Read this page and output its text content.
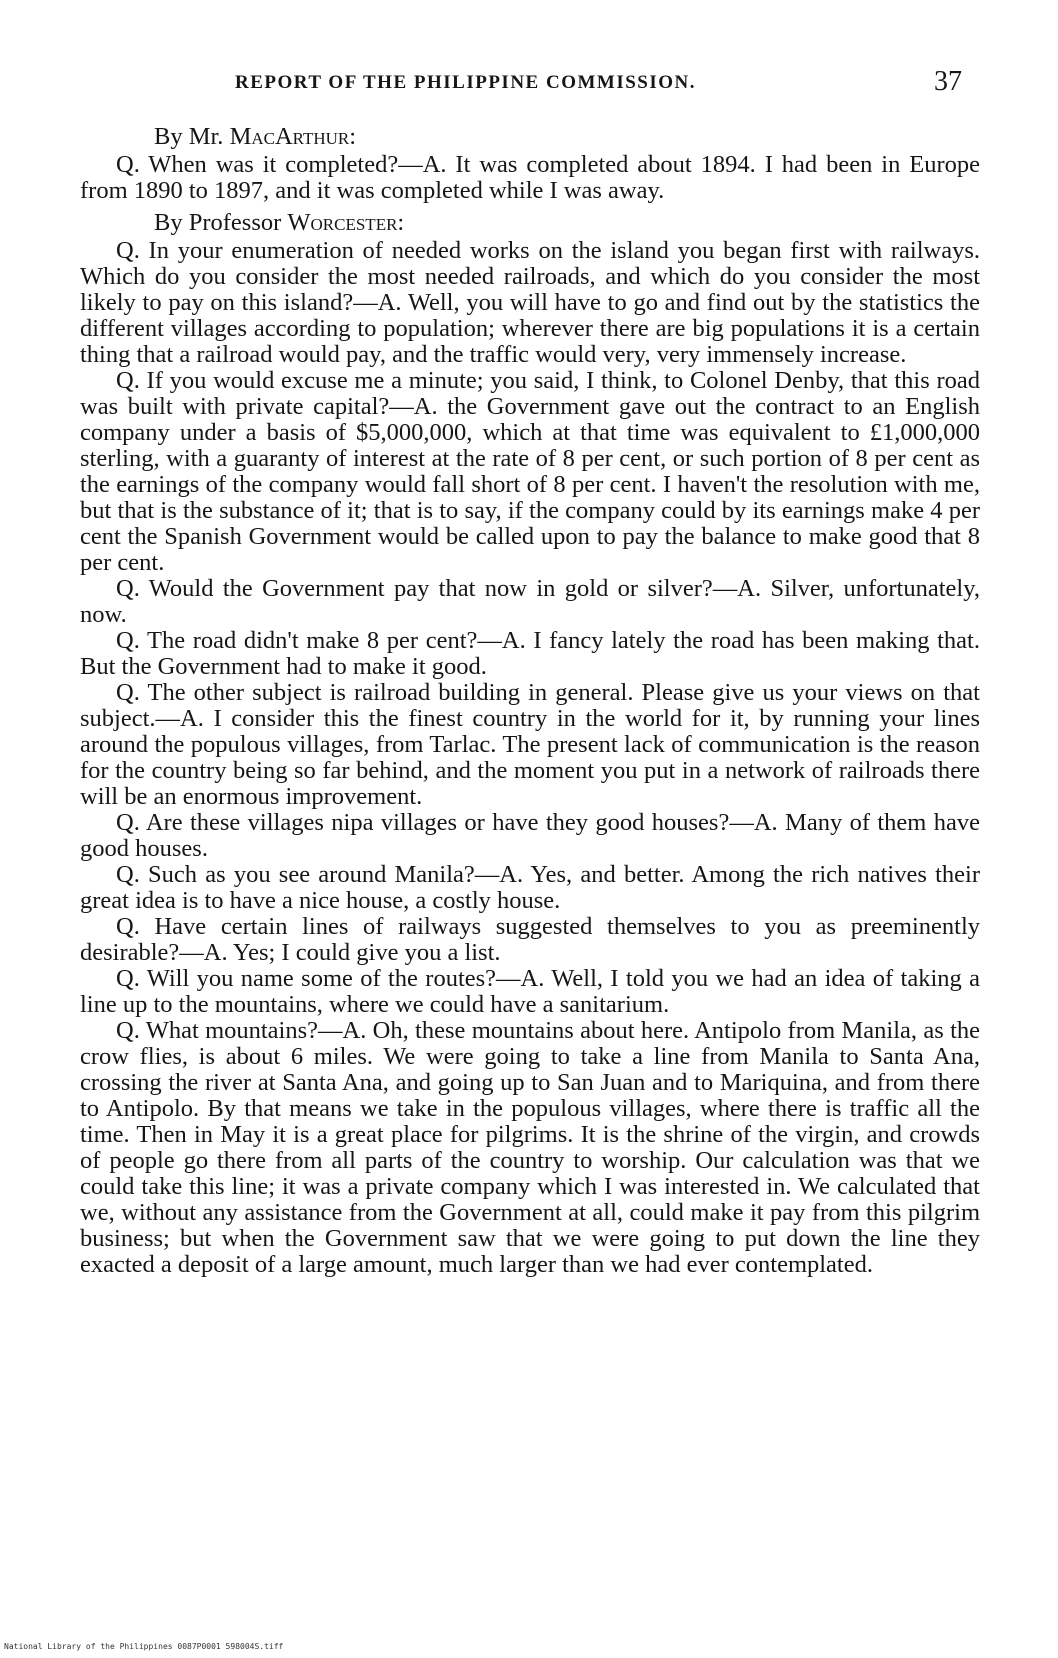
REPORT OF THE PHILIPPINE COMMISSION.	37
By Mr. MacArthur:

Q. When was it completed?—A. It was completed about 1894. I had been in Europe from 1890 to 1897, and it was completed while I was away.

By Professor Worcester:

Q. In your enumeration of needed works on the island you began first with railways. Which do you consider the most needed railroads, and which do you consider the most likely to pay on this island?—A. Well, you will have to go and find out by the statistics the different villages according to population; wherever there are big populations it is a certain thing that a railroad would pay, and the traffic would very, very immensely increase.

Q. If you would excuse me a minute; you said, I think, to Colonel Denby, that this road was built with private capital?—A. the Government gave out the contract to an English company under a basis of $5,000,000, which at that time was equivalent to £1,000,000 sterling, with a guaranty of interest at the rate of 8 per cent, or such portion of 8 per cent as the earnings of the company would fall short of 8 per cent. I haven't the resolution with me, but that is the substance of it; that is to say, if the company could by its earnings make 4 per cent the Spanish Government would be called upon to pay the balance to make good that 8 per cent.

Q. Would the Government pay that now in gold or silver?—A. Silver, unfortunately, now.

Q. The road didn't make 8 per cent?—A. I fancy lately the road has been making that. But the Government had to make it good.

Q. The other subject is railroad building in general. Please give us your views on that subject.—A. I consider this the finest country in the world for it, by running your lines around the populous villages, from Tarlac. The present lack of communication is the reason for the country being so far behind, and the moment you put in a network of railroads there will be an enormous improvement.

Q. Are these villages nipa villages or have they good houses?—A. Many of them have good houses.

Q. Such as you see around Manila?—A. Yes, and better. Among the rich natives their great idea is to have a nice house, a costly house.

Q. Have certain lines of railways suggested themselves to you as preeminently desirable?—A. Yes; I could give you a list.

Q. Will you name some of the routes?—A. Well, I told you we had an idea of taking a line up to the mountains, where we could have a sanitarium.

Q. What mountains?—A. Oh, these mountains about here. Antipolo from Manila, as the crow flies, is about 6 miles. We were going to take a line from Manila to Santa Ana, crossing the river at Santa Ana, and going up to San Juan and to Mariquina, and from there to Antipolo. By that means we take in the populous villages, where there is traffic all the time. Then in May it is a great place for pilgrims. It is the shrine of the virgin, and crowds of people go there from all parts of the country to worship. Our calculation was that we could take this line; it was a private company which I was interested in. We calculated that we, without any assistance from the Government at all, could make it pay from this pilgrim business; but when the Government saw that we were going to put down the line they exacted a deposit of a large amount, much larger than we had ever contemplated.

National Library of the Philippines 0087P0001 598004S.tiff
